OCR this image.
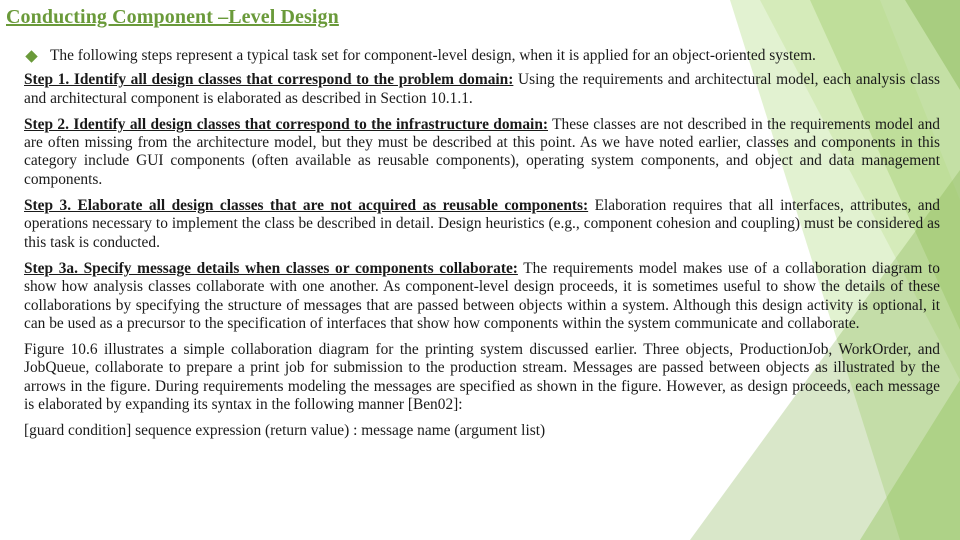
Conducting Component –Level Design
The following steps represent a typical task set for component-level design, when it is applied for an object-oriented system.

Step 1. Identify all design classes that correspond to the problem domain: Using the requirements and architectural model, each analysis class and architectural component is elaborated as described in Section 10.1.1.

Step 2. Identify all design classes that correspond to the infrastructure domain: These classes are not described in the requirements model and are often missing from the architecture model, but they must be described at this point. As we have noted earlier, classes and components in this category include GUI components (often available as reusable components), operating system components, and object and data management components.

Step 3. Elaborate all design classes that are not acquired as reusable components: Elaboration requires that all interfaces, attributes, and operations necessary to implement the class be described in detail. Design heuristics (e.g., component cohesion and coupling) must be considered as this task is conducted.

Step 3a. Specify message details when classes or components collaborate: The requirements model makes use of a collaboration diagram to show how analysis classes collaborate with one another. As component-level design proceeds, it is sometimes useful to show the details of these collaborations by specifying the structure of messages that are passed between objects within a system. Although this design activity is optional, it can be used as a precursor to the specification of interfaces that show how components within the system communicate and collaborate.

Figure 10.6 illustrates a simple collaboration diagram for the printing system discussed earlier. Three objects, ProductionJob, WorkOrder, and JobQueue, collaborate to prepare a print job for submission to the production stream. Messages are passed between objects as illustrated by the arrows in the figure. During requirements modeling the messages are specified as shown in the figure. However, as design proceeds, each message is elaborated by expanding its syntax in the following manner [Ben02]:

[guard condition] sequence expression (return value) : message name (argument list)
